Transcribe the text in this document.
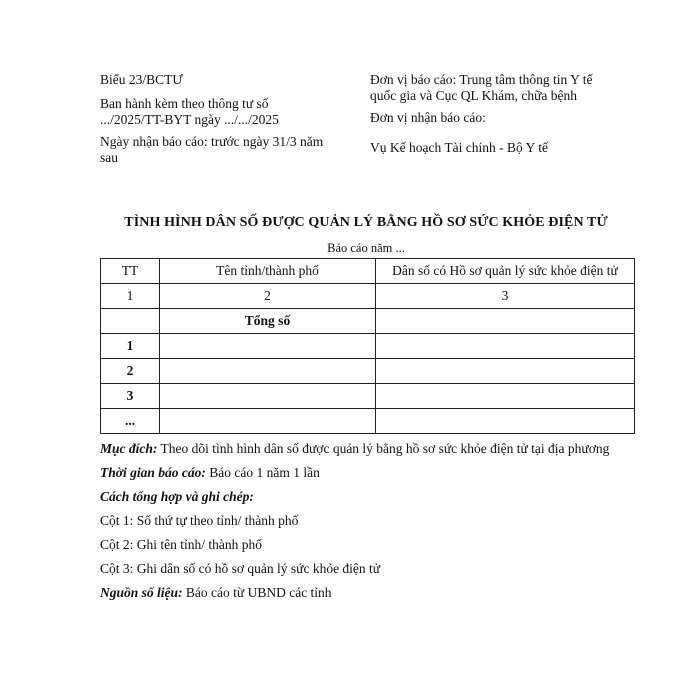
Biểu 23/BCTƯ
Ban hành kèm theo thông tư số
.../2025/TT-BYT ngày .../.../2025
Ngày nhận báo cáo: trước ngày 31/3 năm
sau
Đơn vị báo cáo: Trung tâm thông tin Y tế
quốc gia và Cục QL Khám, chữa bệnh
Đơn vị nhận báo cáo:
Vụ Kế hoạch Tài chính - Bộ Y tế
TÌNH HÌNH DÂN SỐ ĐƯỢC QUẢN LÝ BẰNG HỒ SƠ SỨC KHỎE ĐIỆN TỬ
Báo cáo năm ...
TT	Tên tỉnh/thành phố	Dân số có Hồ sơ quản lý sức khỏe điện tử
1	2	3
	Tổng số	
1		
2		
3		
...		
Mục đích: Theo dõi tình hình dân số được quản lý bằng hồ sơ sức khỏe điện tử tại địa phương
Thời gian báo cáo: Báo cáo 1 năm 1 lần
Cách tổng hợp và ghi chép:
Cột 1: Số thứ tự theo tỉnh/ thành phố
Cột 2: Ghi tên tỉnh/ thành phố
Cột 3: Ghi dân số có hồ sơ quản lý sức khỏe điện tử
Nguồn số liệu: Báo cáo từ UBND các tỉnh
